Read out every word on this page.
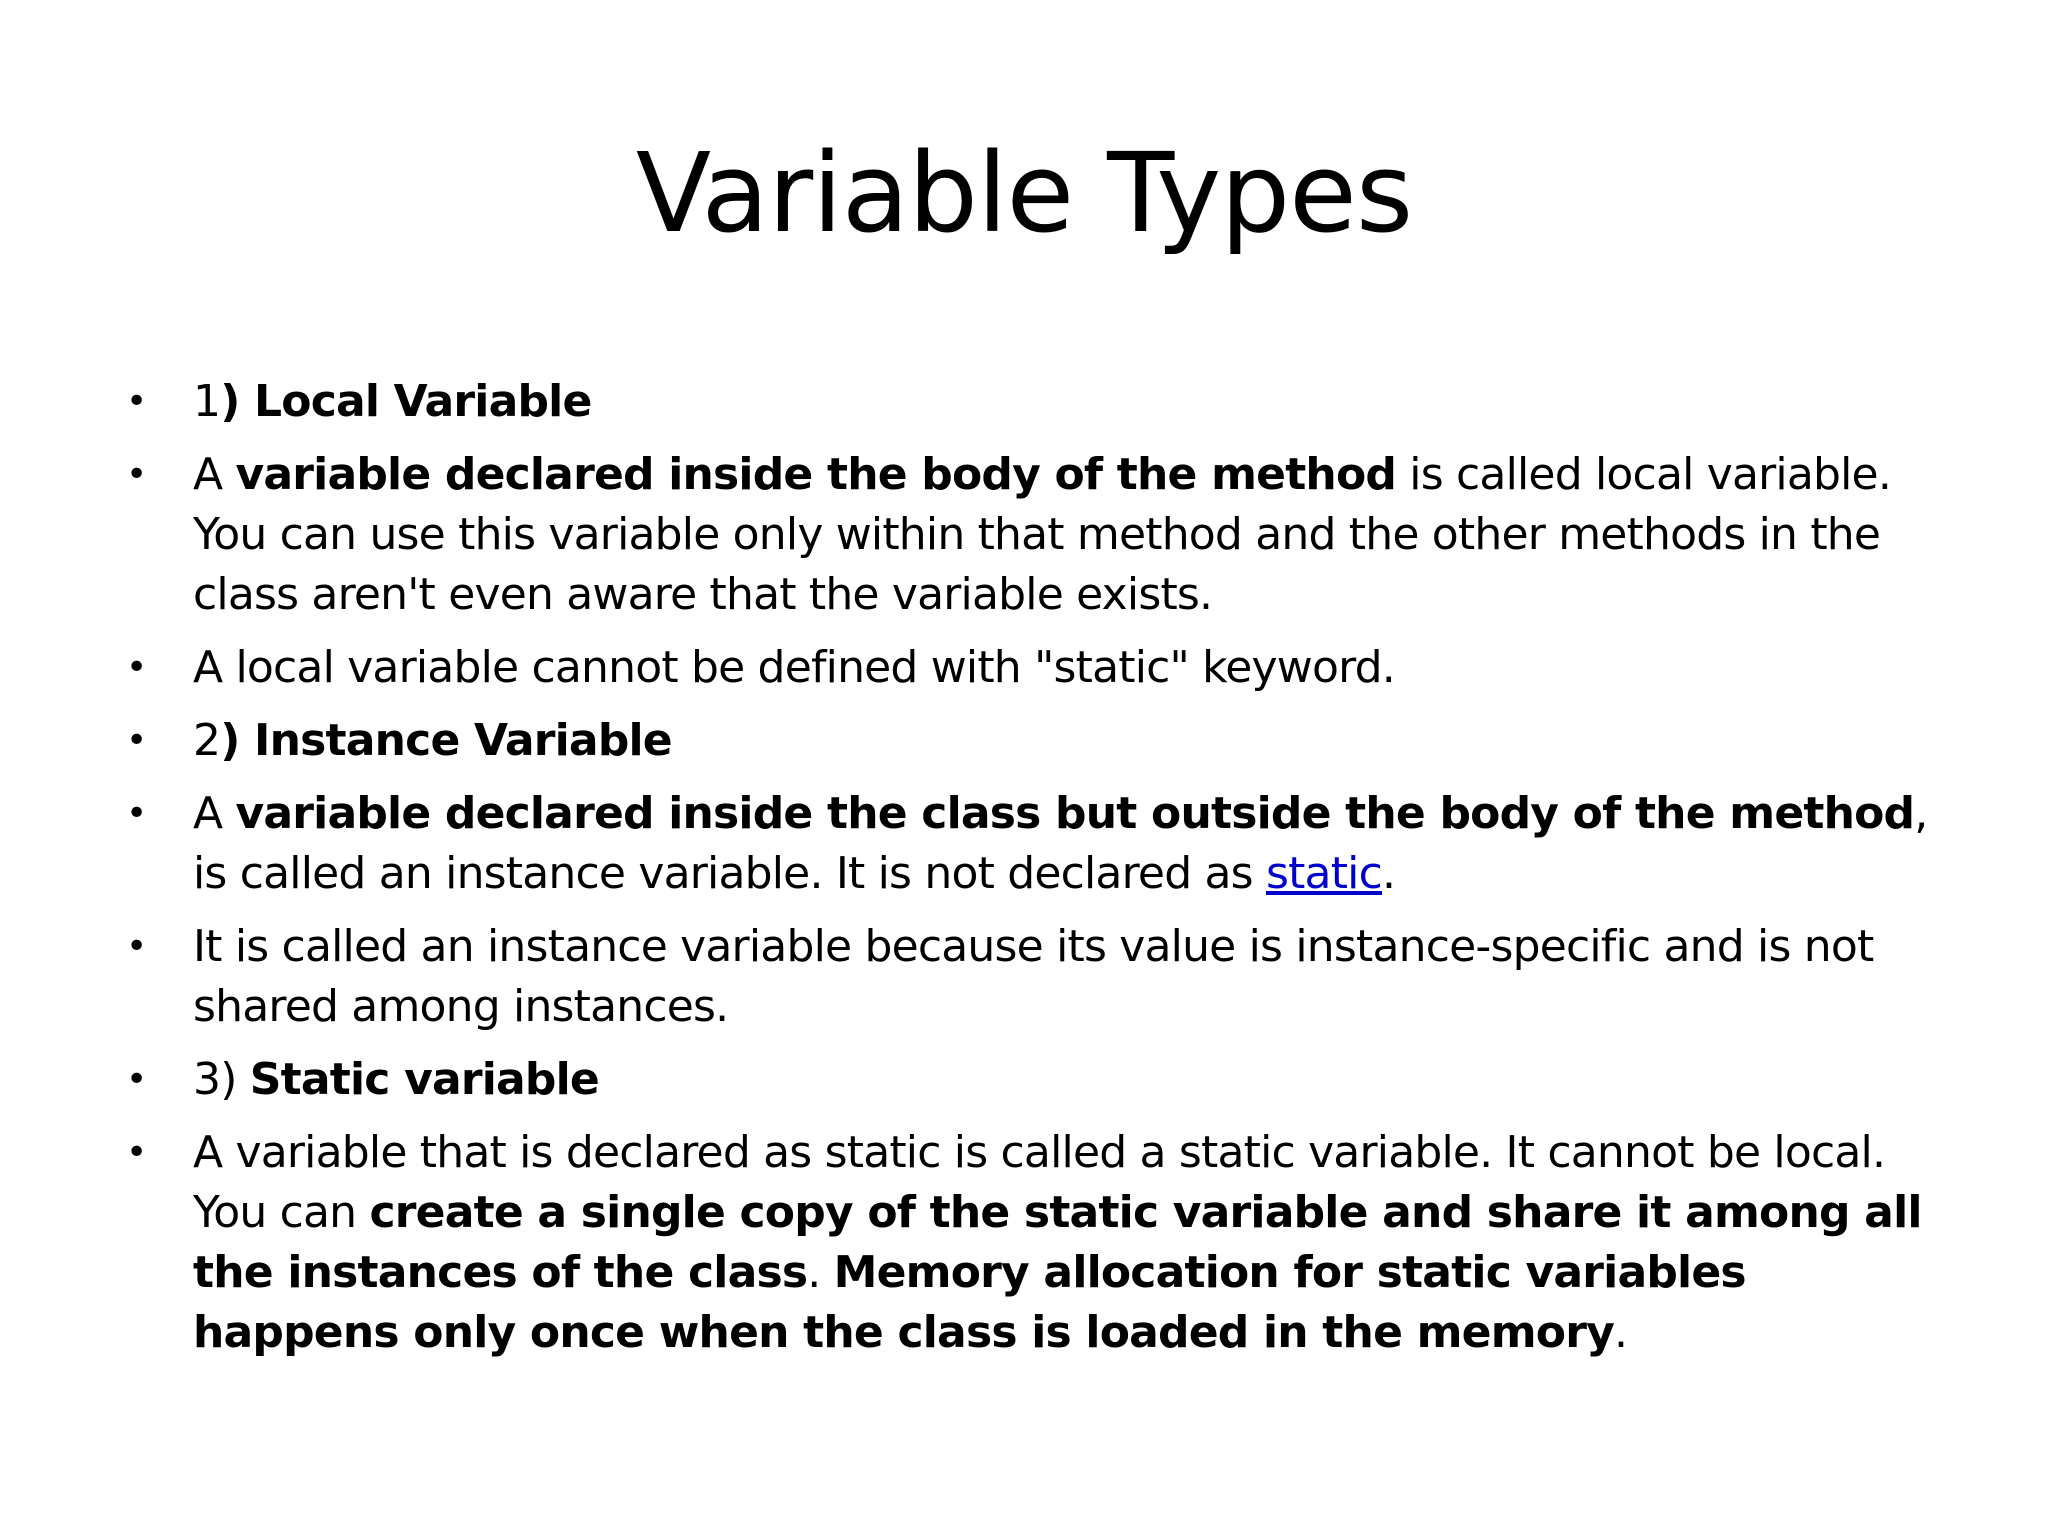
Variable Types
• 1) Local Variable
• A variable declared inside the body of the method is called local variable. You can use this variable only within that method and the other methods in the class aren't even aware that the variable exists.
• A local variable cannot be defined with "static" keyword.
• 2) Instance Variable
• A variable declared inside the class but outside the body of the method, is called an instance variable. It is not declared as static.
• It is called an instance variable because its value is instance-specific and is not shared among instances.
• 3) Static variable
• A variable that is declared as static is called a static variable. It cannot be local. You can create a single copy of the static variable and share it among all the instances of the class. Memory allocation for static variables happens only once when the class is loaded in the memory.
